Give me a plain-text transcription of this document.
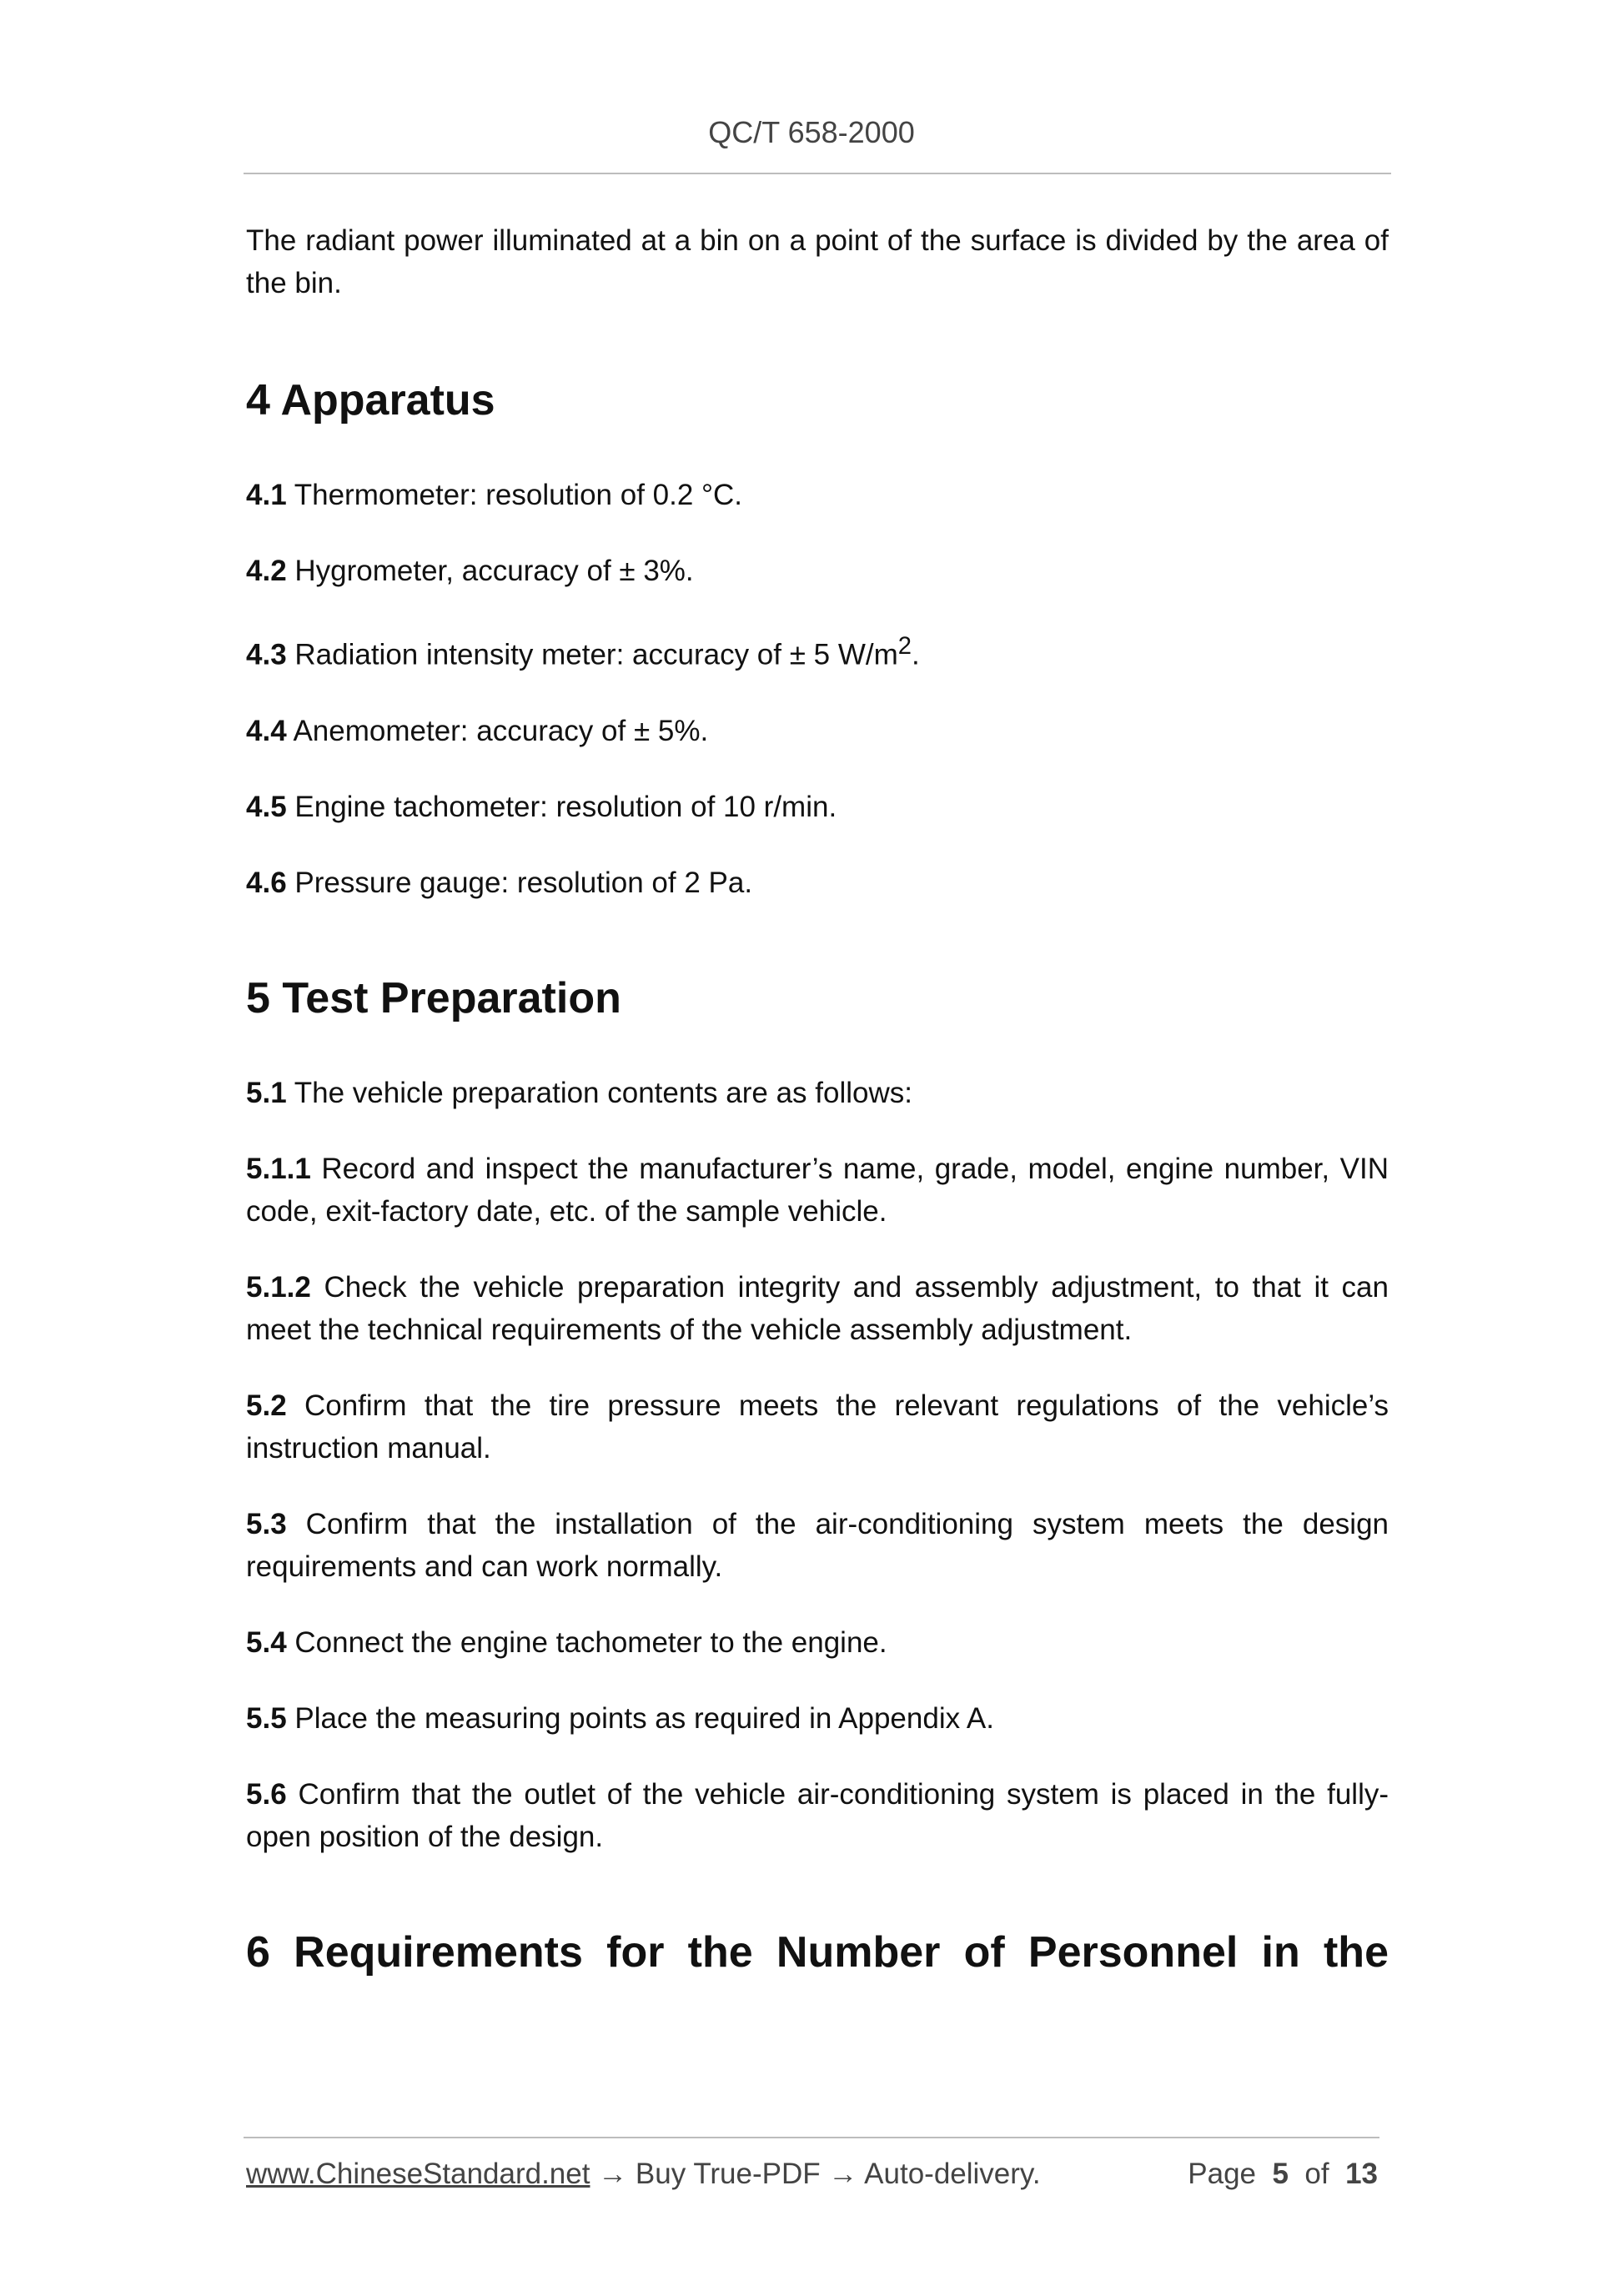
QC/T 658-2000

The radiant power illuminated at a bin on a point of the surface is divided by the area of the bin.

4 Apparatus

4.1 Thermometer: resolution of 0.2 °C.

4.2 Hygrometer, accuracy of ± 3%.

4.3 Radiation intensity meter: accuracy of ± 5 $W/m^2$.

4.4 Anemometer: accuracy of ± 5%.

4.5 Engine tachometer: resolution of 10 r/min.

4.6 Pressure gauge: resolution of 2 Pa.

5 Test Preparation

5.1 The vehicle preparation contents are as follows:

5.1.1 Record and inspect the manufacturer’s name, grade, model, engine number, VIN code, exit-factory date, etc. of the sample vehicle.

5.1.2 Check the vehicle preparation integrity and assembly adjustment, to that it can meet the technical requirements of the vehicle assembly adjustment.

5.2 Confirm that the tire pressure meets the relevant regulations of the vehicle’s instruction manual.

5.3 Confirm that the installation of the air-conditioning system meets the design requirements and can work normally.

5.4 Connect the engine tachometer to the engine.

5.5 Place the measuring points as required in Appendix A.

5.6 Confirm that the outlet of the vehicle air-conditioning system is placed in the fully-open position of the design.

6 Requirements for the Number of Personnel in the
www.ChineseStandard.net → Buy True-PDF → Auto-delivery.	Page 5 of 13
